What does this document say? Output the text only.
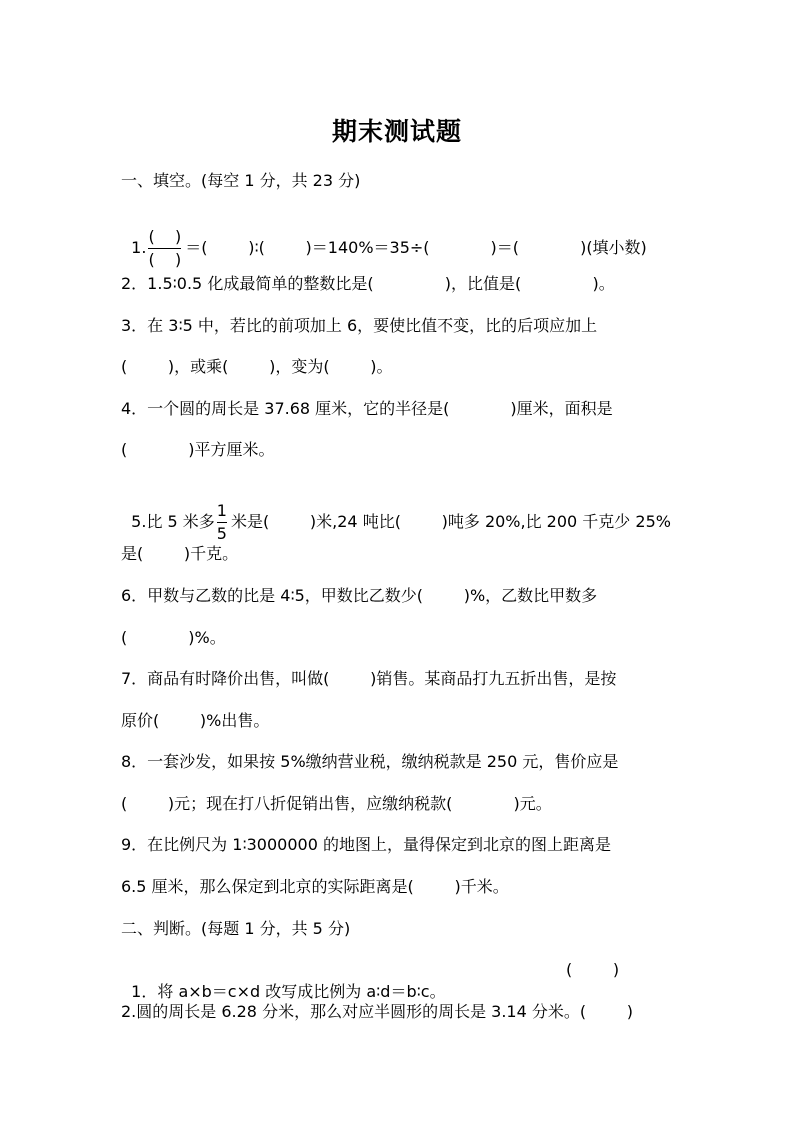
期末测试题
一、填空。(每空 1 分，共 23 分)

1. $\frac{( )}{( )}$ ＝(        )∶(        )＝140%＝35÷(            )＝(            )(填小数)

2．1.5∶0.5 化成最简单的整数比是(              )，比值是(              )。
3．在 3∶5 中，若比的前项加上 6，要使比值不变，比的后项应加上
(        )，或乘(        )，变为(        )。
4．一个圆的周长是 37.68 厘米，它的半径是(            )厘米，面积是
(            )平方厘米。

5.比 5 米多 $\frac{1}{5}$ 米是(        )米,24 吨比(        )吨多 20%,比 200 千克少 25%

是(        )千克。
6．甲数与乙数的比是 4∶5，甲数比乙数少(        )%，乙数比甲数多
(            )%。
7．商品有时降价出售，叫做(        )销售。某商品打九五折出售，是按
原价(        )%出售。
8．一套沙发，如果按 5%缴纳营业税，缴纳税款是 250 元，售价应是
(        )元；现在打八折促销出售，应缴纳税款(            )元。
9．在比例尺为 1∶3000000 的地图上，量得保定到北京的图上距离是
6.5 厘米，那么保定到北京的实际距离是(        )千米。
二、判断。(每题 1 分，共 5 分)

1．将 a×b＝c×d 改写成比例为 a∶d＝b∶c。

(        )
2.圆的周长是 6.28 分米，那么对应半圆形的周长是 3.14 分米。(        )
